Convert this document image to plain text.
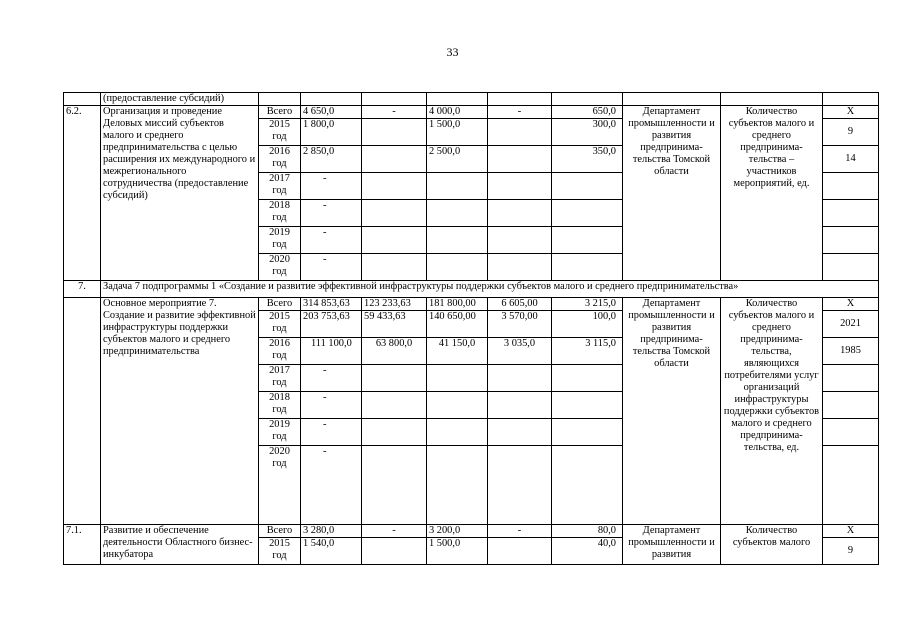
33
	(предоставление субсидий)									
6.2.	Организация и проведение Деловых миссий субъектов малого и среднего предпринимательства с целью расширения их международного и межрегионального сотрудничества (предоставление субсидий)	Всего	4 650,0	-	4 000,0	-	650,0	Департамент промышленности и развития предпринима-тельства Томской области	Количество субъектов малого и среднего предпринима-тельства – участников мероприятий, ед.	Х
		2015 год	1 800,0		1 500,0		300,0			9
		2016 год	2 850,0		2 500,0		350,0			14
		2017 год	-							
		2018 год	-							
		2019 год	-							
		2020 год	-							
7.	Задача 7 подпрограммы 1 «Создание и развитие эффективной инфраструктуры поддержки субъектов малого и среднего предпринимательства»									
	Основное мероприятие 7. Создание и развитие эффективной инфраструктуры поддержки субъектов малого и среднего предпринимательства	Всего	314 853,63	123 233,63	181 800,00	6 605,00	3 215,0	Департамент промышленности и развития предпринима-тельства Томской области	Количество субъектов малого и среднего предпринима-тельства, являющихся потребителями услуг организаций инфраструктуры поддержки субъектов малого и среднего предпринима-тельства, ед.	Х
		2015 год	203 753,63	59 433,63	140 650,00	3 570,00	100,0			2021
		2016 год	111 100,0	63 800,0	41 150,0	3 035,0	3 115,0			1985
		2017 год	-							
		2018 год	-							
		2019 год	-							
		2020 год	-							
7.1.	Развитие и обеспечение деятельности Областного бизнес-инкубатора	Всего	3 280,0	-	3 200,0	-	80,0	Департамент промышленности и развития	Количество субъектов малого	Х
		2015 год	1 540,0		1 500,0		40,0			9
